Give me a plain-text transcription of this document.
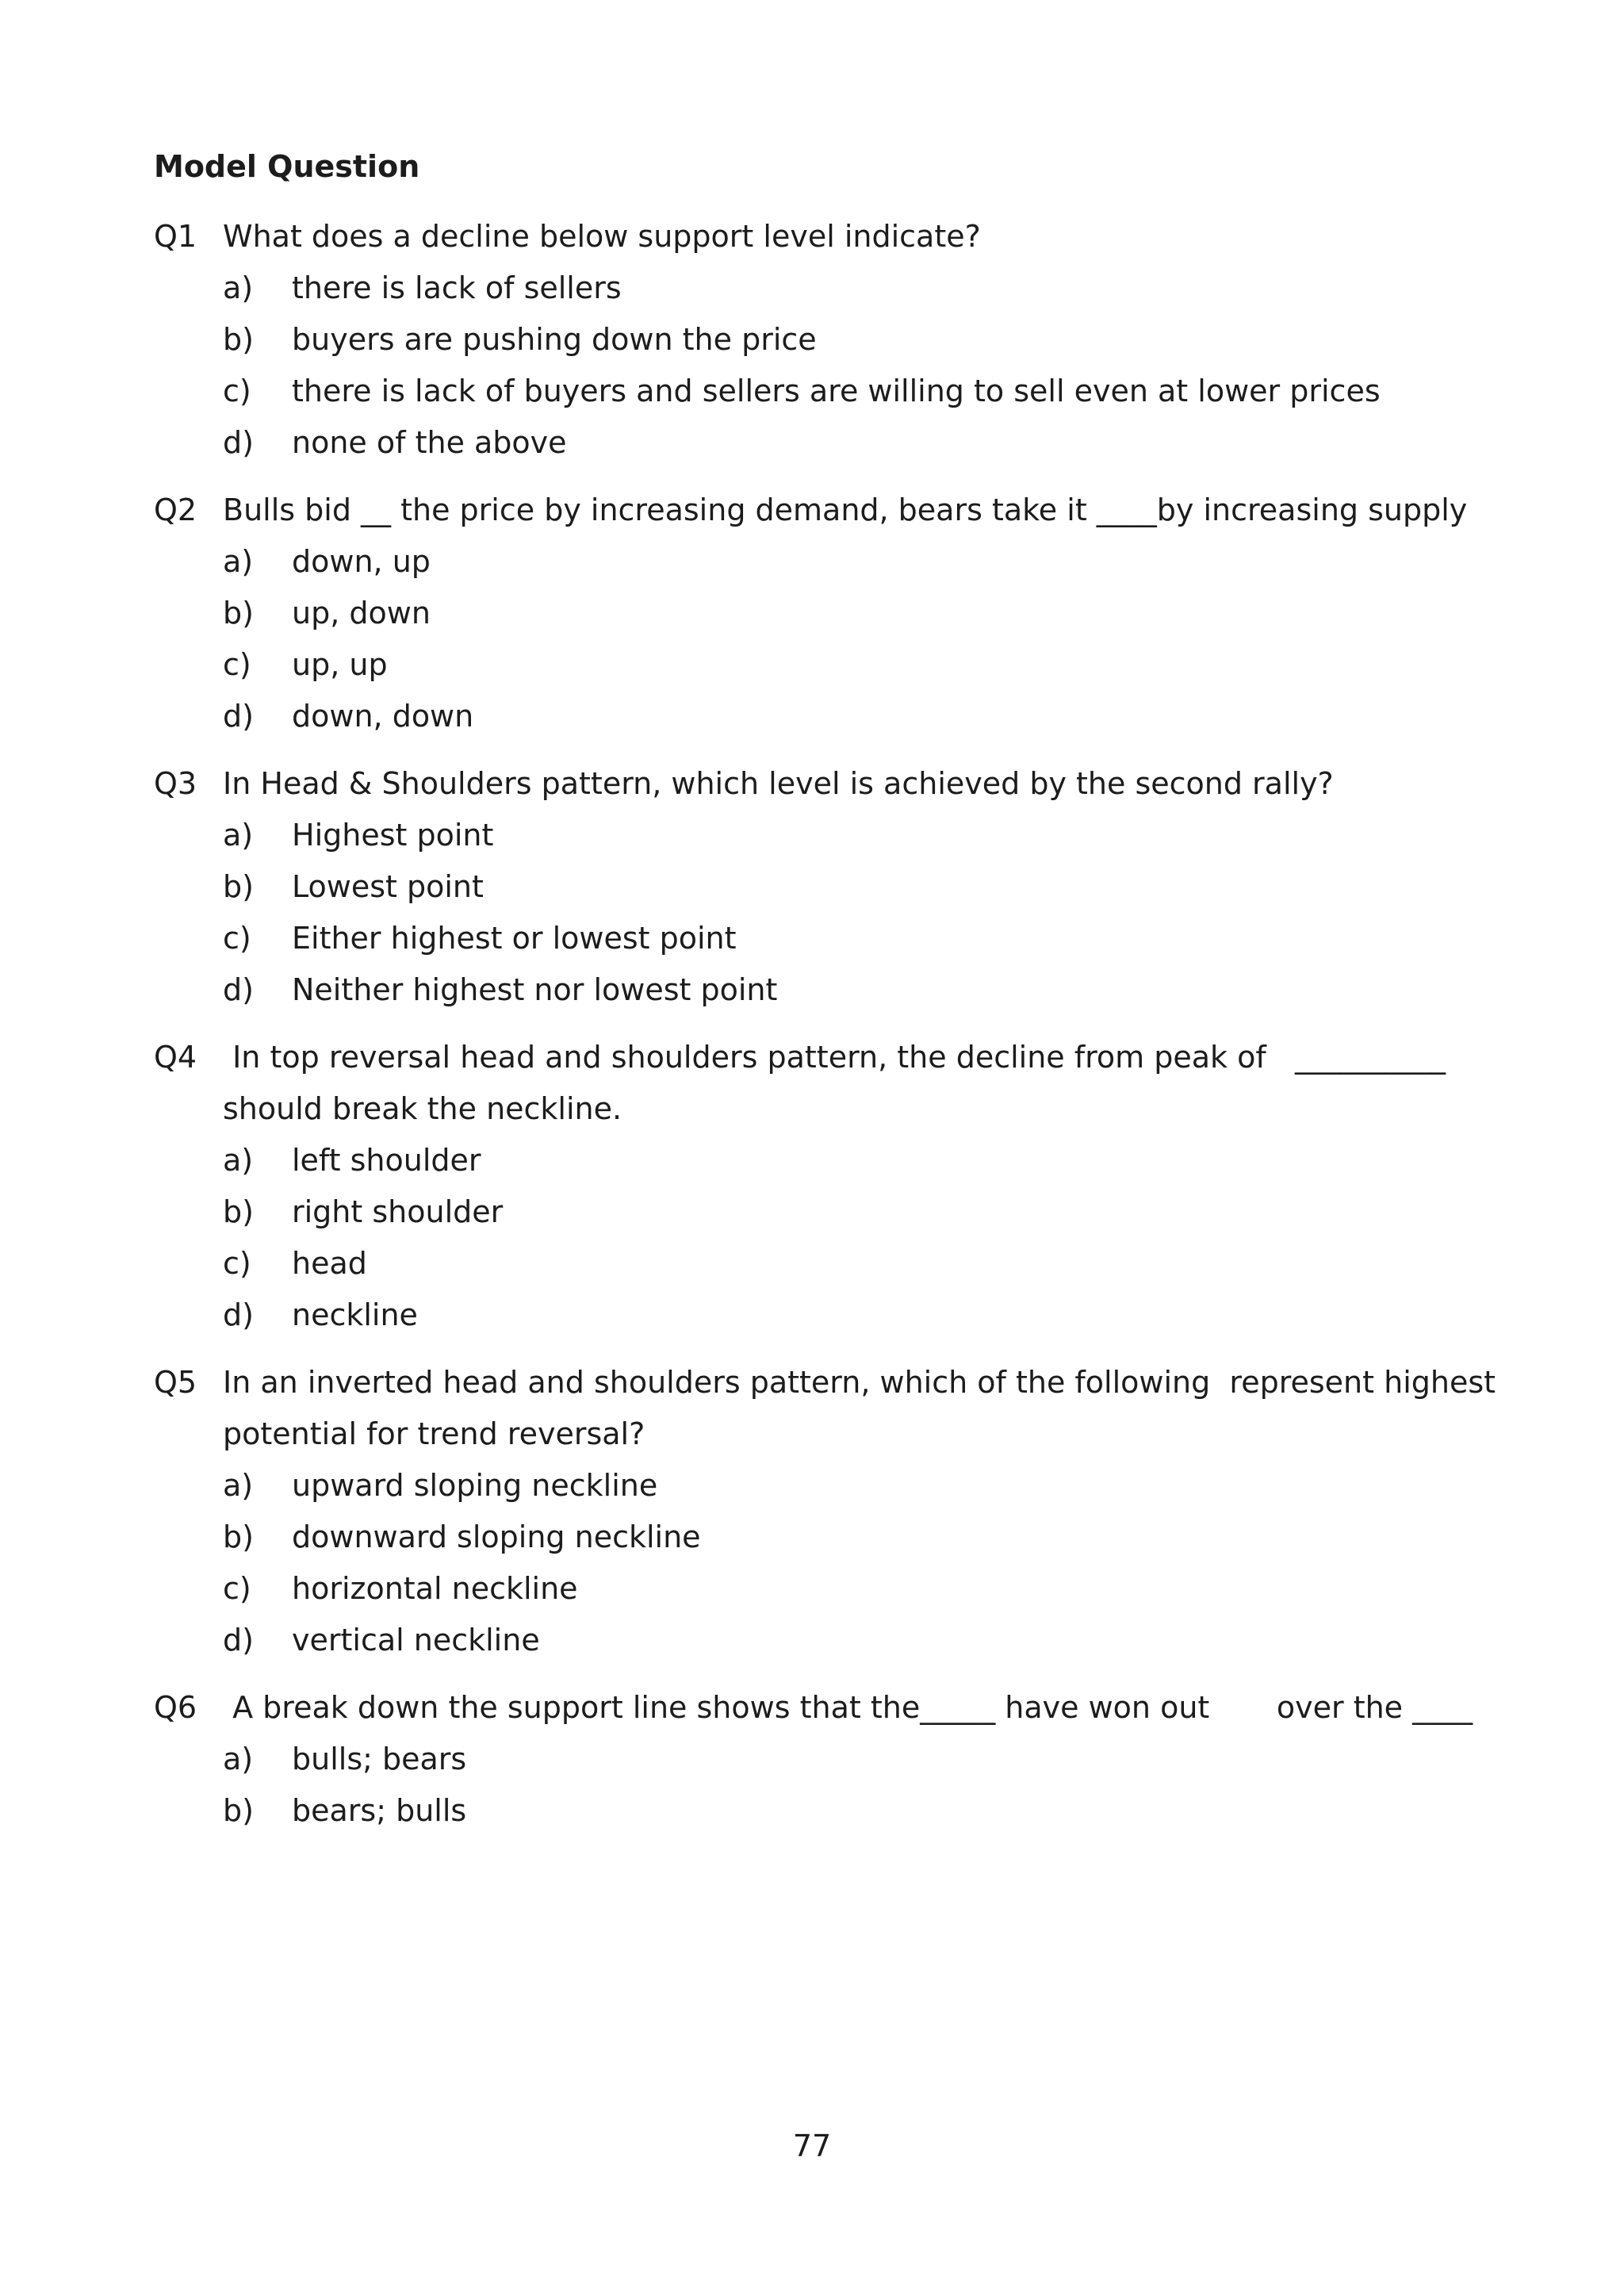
Model Question
Q1 What does a decline below support level indicate?
a)	there is lack of sellers
b)	buyers are pushing down the price
c)	there is lack of buyers and sellers are willing to sell even at lower prices
d)	none of the above
Q2 Bulls bid __ the price by increasing demand, bears take it ____by increasing supply
a)	down, up
b)	up, down
c)	up, up
d)	down, down
Q3 In Head & Shoulders pattern, which level is achieved by the second rally?
a)	Highest point
b)	Lowest point
c)	Either highest or lowest point
d)	Neither highest nor lowest point
Q4 In top reversal head and shoulders pattern, the decline from peak of   __________
should break the neckline.
a)	left shoulder
b)	right shoulder
c)	head
d)	neckline
Q5 In an inverted head and shoulders pattern, which of the following  represent highest
potential for trend reversal?
a)	upward sloping neckline
b)	downward sloping neckline
c)	horizontal neckline
d)	vertical neckline
Q6 A break down the support line shows that the_____ have won out       over the ____
a)	bulls; bears
b)	bears; bulls
77
